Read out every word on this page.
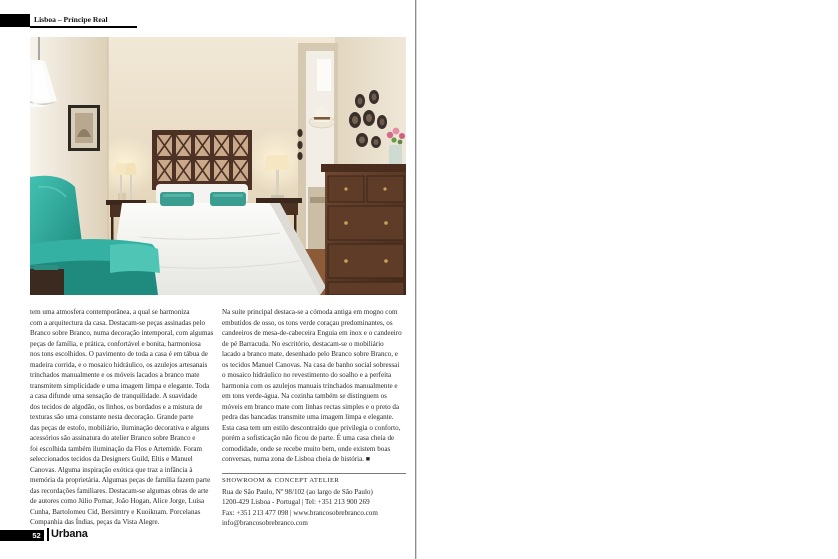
Lisboa – Príncipe Real
tem uma atmosfera contemporânea, a qual se harmoniza
com a arquitectura da casa. Destacam-se peças assinadas pelo
Branco sobre Branco, numa decoração intemporal, com algumas
peças de família, e prática, confortável e bonita, harmoniosa
nos tons escolhidos. O pavimento de toda a casa é em tábua de
madeira corrida, e o mosaico hidráulico, os azulejos artesanais
trinchados manualmente e os móveis lacados a branco mate
transmitem simplicidade e uma imagem limpa e elegante. Toda
a casa difunde uma sensação de tranquilidade. A suavidade
dos tecidos de algodão, os linhos, os bordados e a mistura de
texturas são uma constante nesta decoração. Grande parte
das peças de estofo, mobiliário, iluminação decorativa e alguns
acessórios são assinatura do atelier Branco sobre Branco e
foi escolhida também iluminação da Flos e Artemide. Foram
seleccionados tecidos da Designers Guild, Eltis e Manuel
Canovas. Alguma inspiração exótica que traz a infância à
memória da proprietária. Algumas peças de família fazem parte
das recordações familiares. Destacam-se algumas obras de arte
de autores como Júlio Pomar, João Hogan, Alice Jorge, Luísa
Cunha, Bartolomeu Cid, Bersimtry e Kuoiknam. Porcelanas
Companhia das Índias, peças da Vista Alegre.
Na suíte principal destaca-se a cómoda antiga em mogno com
embutidos de osso, os tons verde coraçau predominantes, os
candeeiros de mesa-de-cabeceira Enguia em inox e o candeeiro
de pé Barracuda. No escritório, destacam-se o mobiliário
lacado a branco mate, desenhado pelo Branco sobre Branco, e
os tecidos Manuel Canovas. Na casa de banho social sobressai
o mosaico hidráulico no revestimento do soalho e a perfeita
harmonia com os azulejos manuais trinchados manualmente e
em tons verde-água. Na cozinha também se distinguem os
móveis em branco mate com linhas rectas simples e o preto da
pedra das bancadas transmite uma imagem limpa e elegante.
Esta casa tem um estilo descontraído que privilegia o conforto,
porém a sofisticação não ficou de parte. É uma casa cheia de
comodidade, onde se recebe muito bem, onde existem boas
conversas, numa zona de Lisboa cheia de história. ■
SHOWROOM & CONCEPT ATELIER
Rua de São Paulo, Nº 98/102 (ao largo de São Paulo)
1200-429 Lisboa - Portugal | Tel: +351 213 900 269
Fax: +351 213 477 098 | www.brancosobrebranco.com
info@brancosobrebranco.com
52 Urbana
